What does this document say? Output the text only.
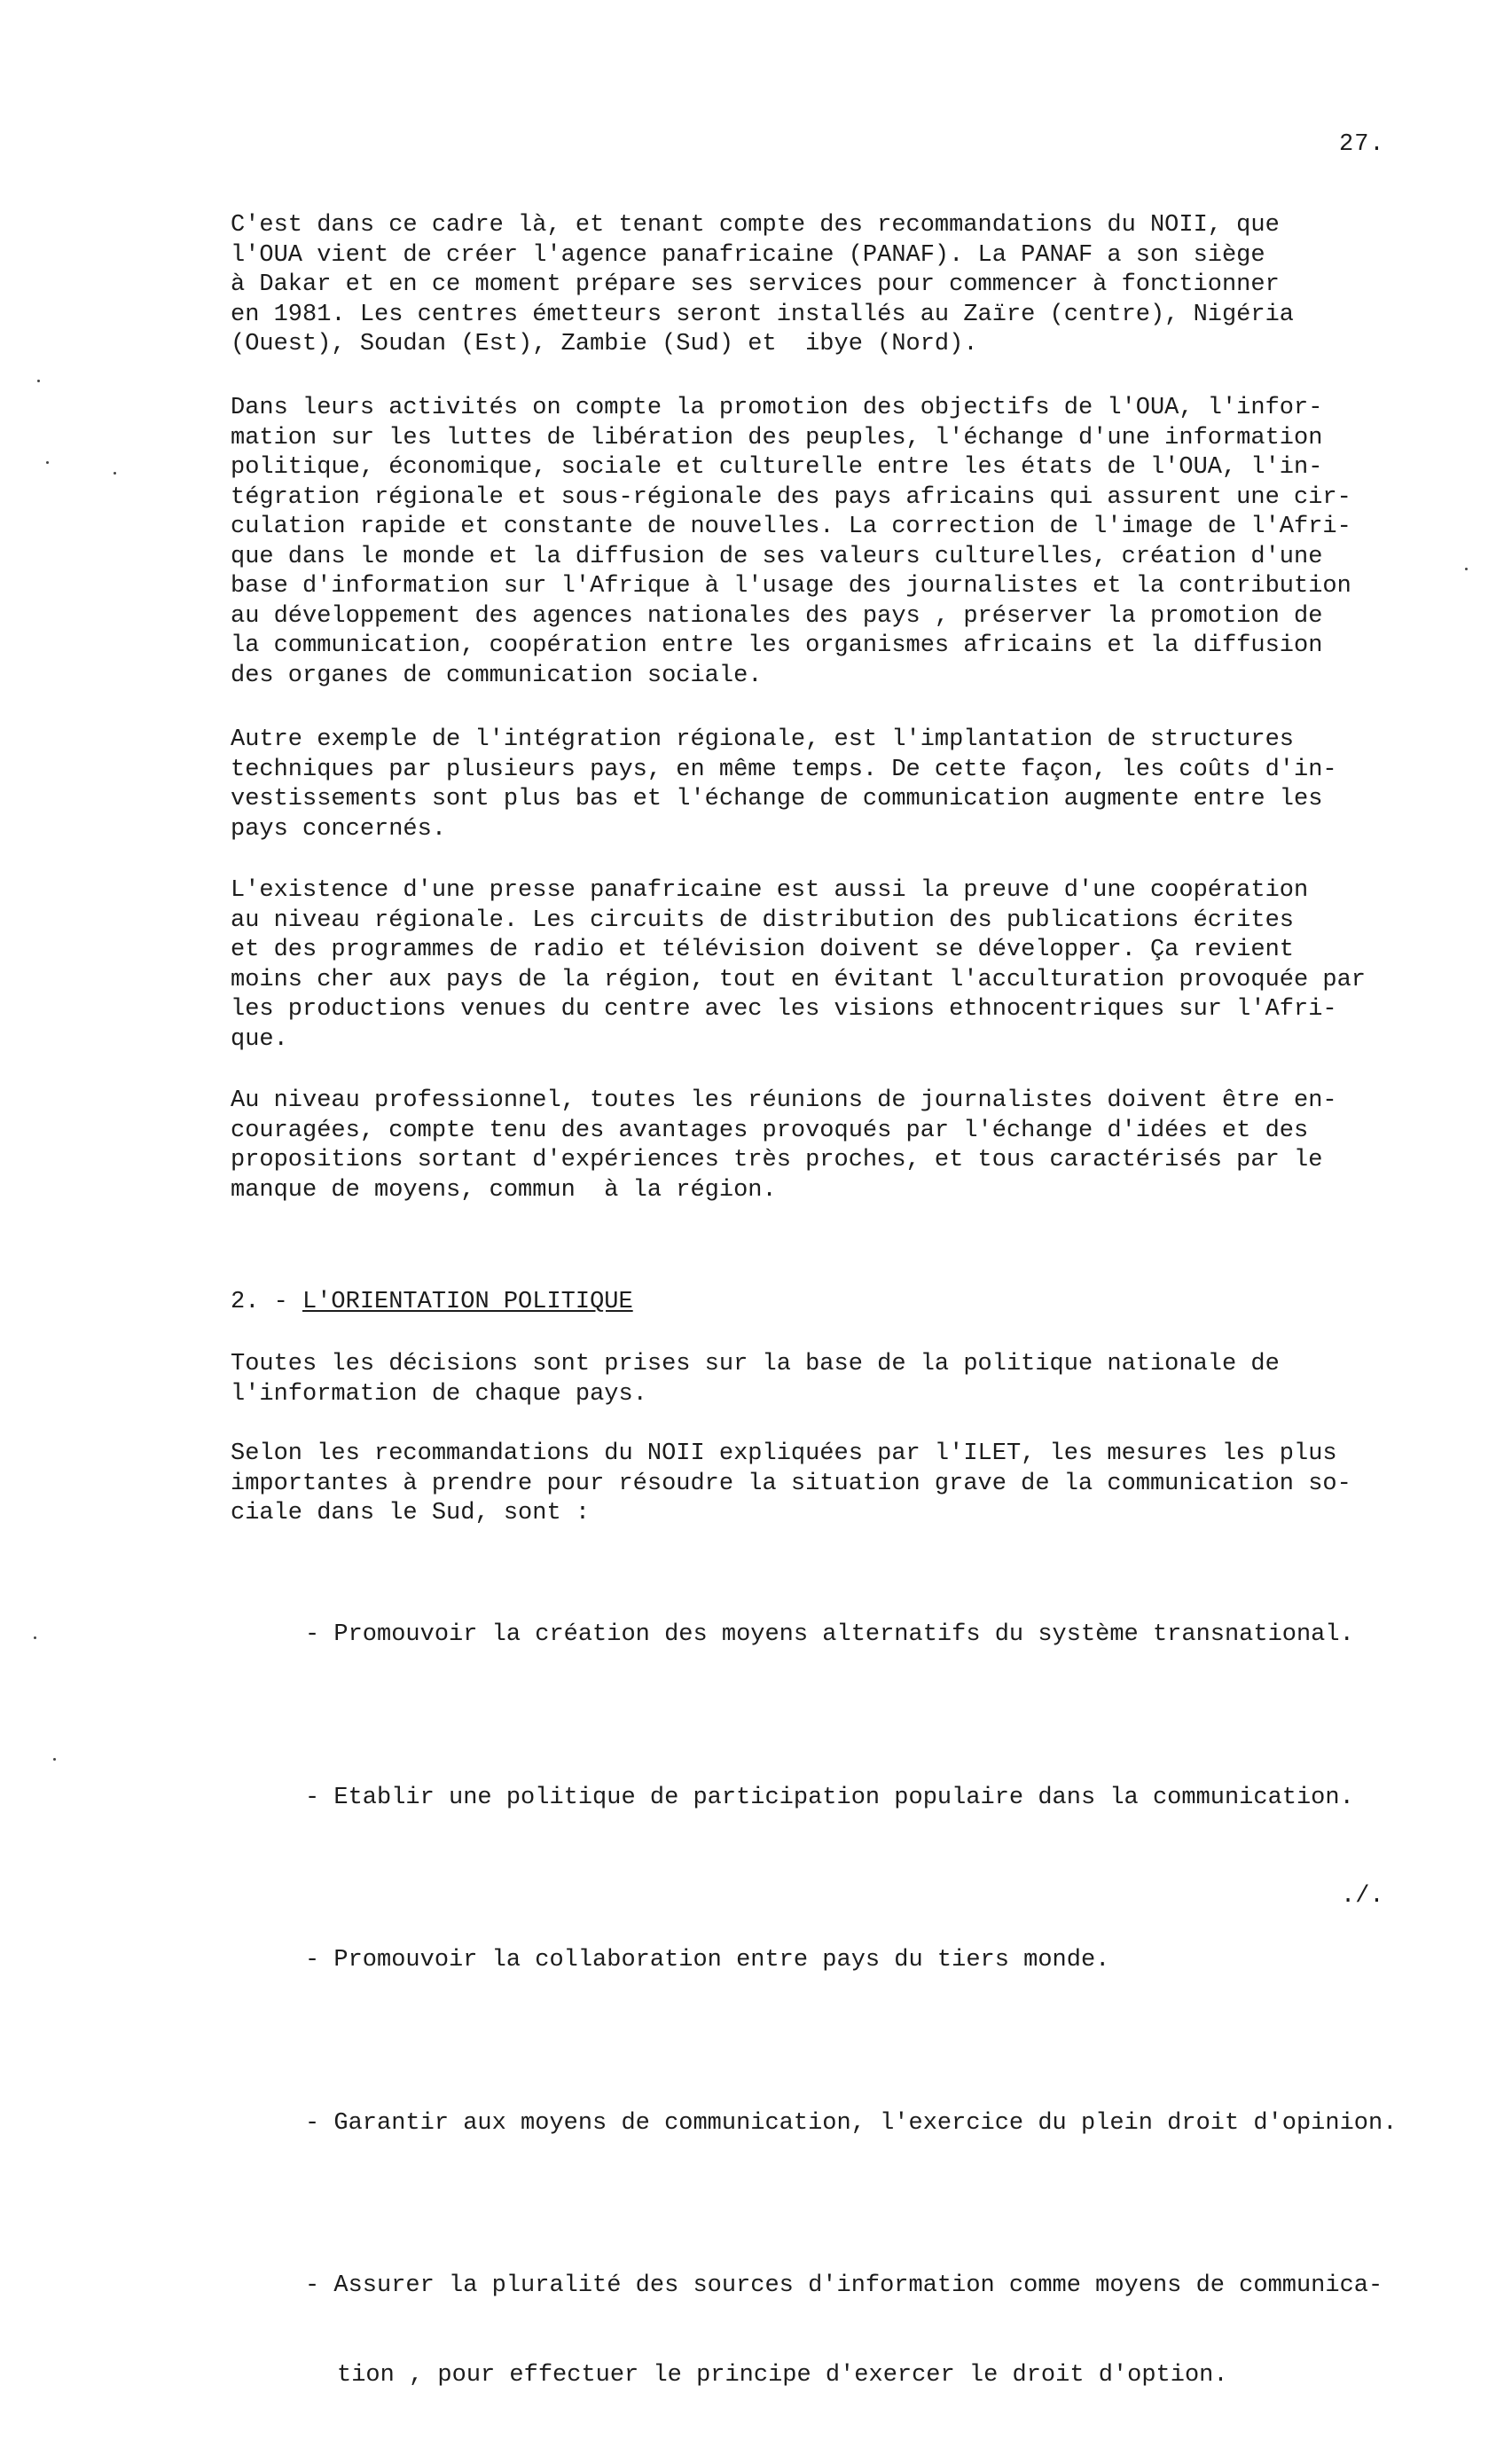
27.

C'est dans ce cadre là, et tenant compte des recommandations du NOII, que
l'OUA vient de créer l'agence panafricaine (PANAF). La PANAF a son siège
à Dakar et en ce moment prépare ses services pour commencer à fonctionner
en 1981. Les centres émetteurs seront installés au Zaïre (centre), Nigéria
(Ouest), Soudan (Est), Zambie (Sud) et  ibye (Nord).

Dans leurs activités on compte la promotion des objectifs de l'OUA, l'infor-
mation sur les luttes de libération des peuples, l'échange d'une information
politique, économique, sociale et culturelle entre les états de l'OUA, l'in-
tégration régionale et sous-régionale des pays africains qui assurent une cir-
culation rapide et constante de nouvelles. La correction de l'image de l'Afri-
que dans le monde et la diffusion de ses valeurs culturelles, création d'une
base d'information sur l'Afrique à l'usage des journalistes et la contribution
au développement des agences nationales des pays , préserver la promotion de
la communication, coopération entre les organismes africains et la diffusion
des organes de communication sociale.

Autre exemple de l'intégration régionale, est l'implantation de structures
techniques par plusieurs pays, en même temps. De cette façon, les coûts d'in-
vestissements sont plus bas et l'échange de communication augmente entre les
pays concernés.

L'existence d'une presse panafricaine est aussi la preuve d'une coopération
au niveau régionale. Les circuits de distribution des publications écrites
et des programmes de radio et télévision doivent se développer. Ça revient
moins cher aux pays de la région, tout en évitant l'acculturation provoquée par
les productions venues du centre avec les visions ethnocentriques sur l'Afri-
que.

Au niveau professionnel, toutes les réunions de journalistes doivent être en-
couragées, compte tenu des avantages provoqués par l'échange d'idées et des
propositions sortant d'expériences très proches, et tous caractérisés par le
manque de moyens, commun  à la région.

2. - L'ORIENTATION POLITIQUE

Toutes les décisions sont prises sur la base de la politique nationale de
l'information de chaque pays.

Selon les recommandations du NOII expliquées par l'ILET, les mesures les plus
importantes à prendre pour résoudre la situation grave de la communication so-
ciale dans le Sud, sont :

- Promouvoir la création des moyens alternatifs du système transnational.

- Etablir une politique de participation populaire dans la communication.

- Promouvoir la collaboration entre pays du tiers monde.

- Garantir aux moyens de communication, l'exercice du plein droit d'opinion.

- Assurer la pluralité des sources d'information comme moyens de communica-

tion , pour effectuer le principe d'exercer le droit d'option.

./.
